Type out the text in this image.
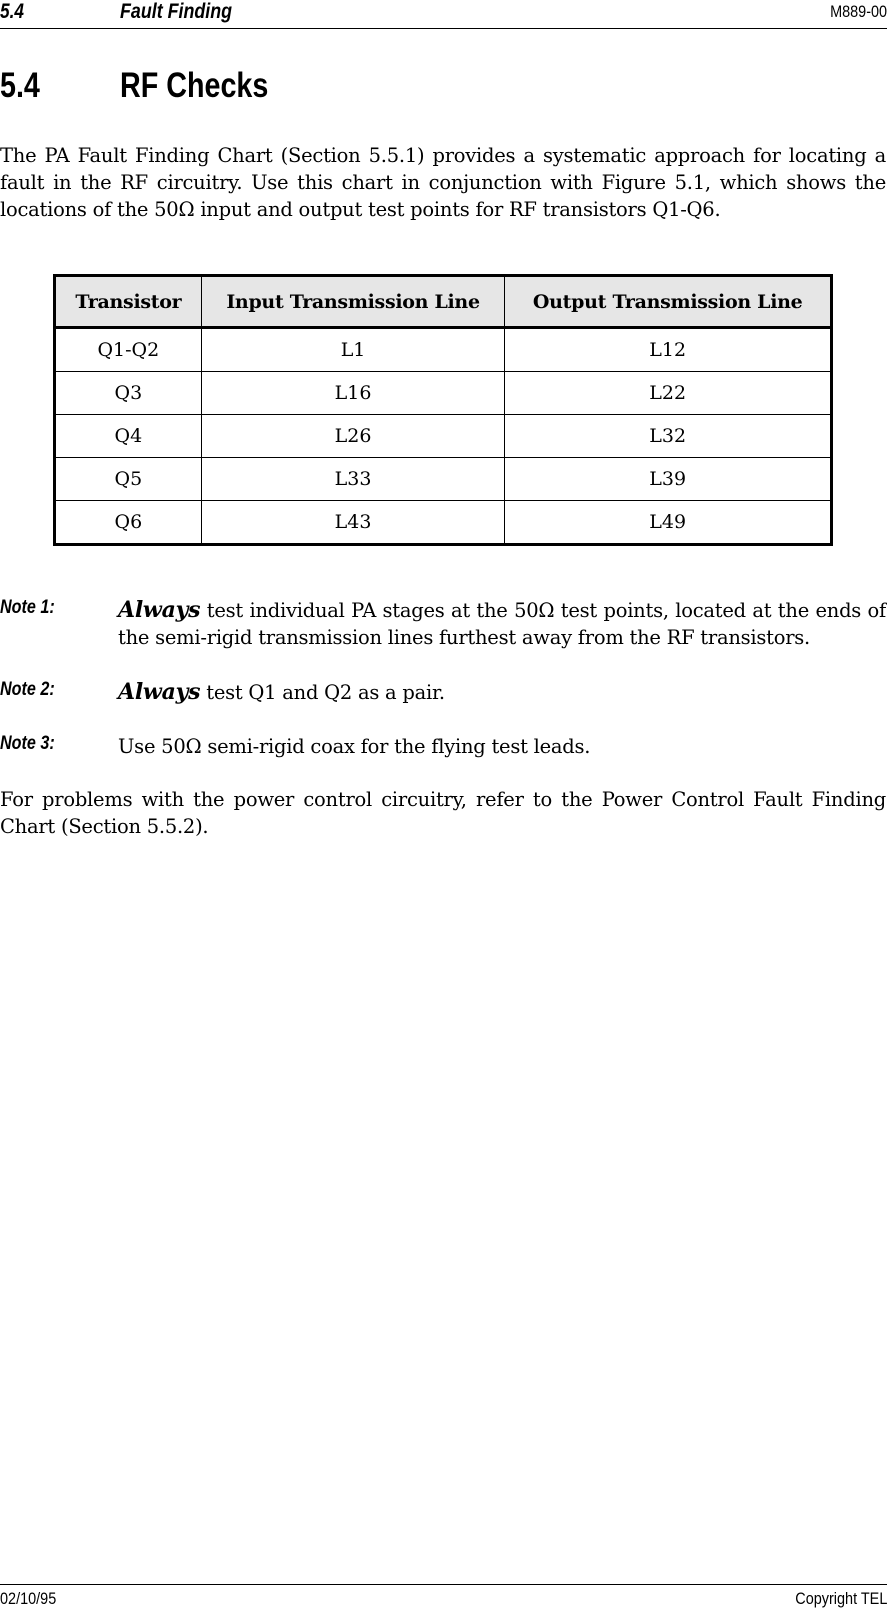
5.4	Fault Finding	M889-00
5.4 RF Checks

The PA Fault Finding Chart (Section 5.5.1) provides a systematic approach for locating a fault in the RF circuitry. Use this chart in conjunction with Figure 5.1, which shows the locations of the 50Ω input and output test points for RF transistors Q1-Q6.

Transistor	Input Transmission Line	Output Transmission Line
Q1-Q2	L1	L12
Q3	L16	L22
Q4	L26	L32
Q5	L33	L39
Q6	L43	L49
Note 1:	Always test individual PA stages at the 50Ω test points, located at the ends of the semi-rigid transmission lines furthest away from the RF transistors.

Note 2:	Always test Q1 and Q2 as a pair.

Note 3:	Use 50Ω semi-rigid coax for the flying test leads.

For problems with the power control circuitry, refer to the Power Control Fault Finding Chart (Section 5.5.2).

02/10/95	Copyright TEL
